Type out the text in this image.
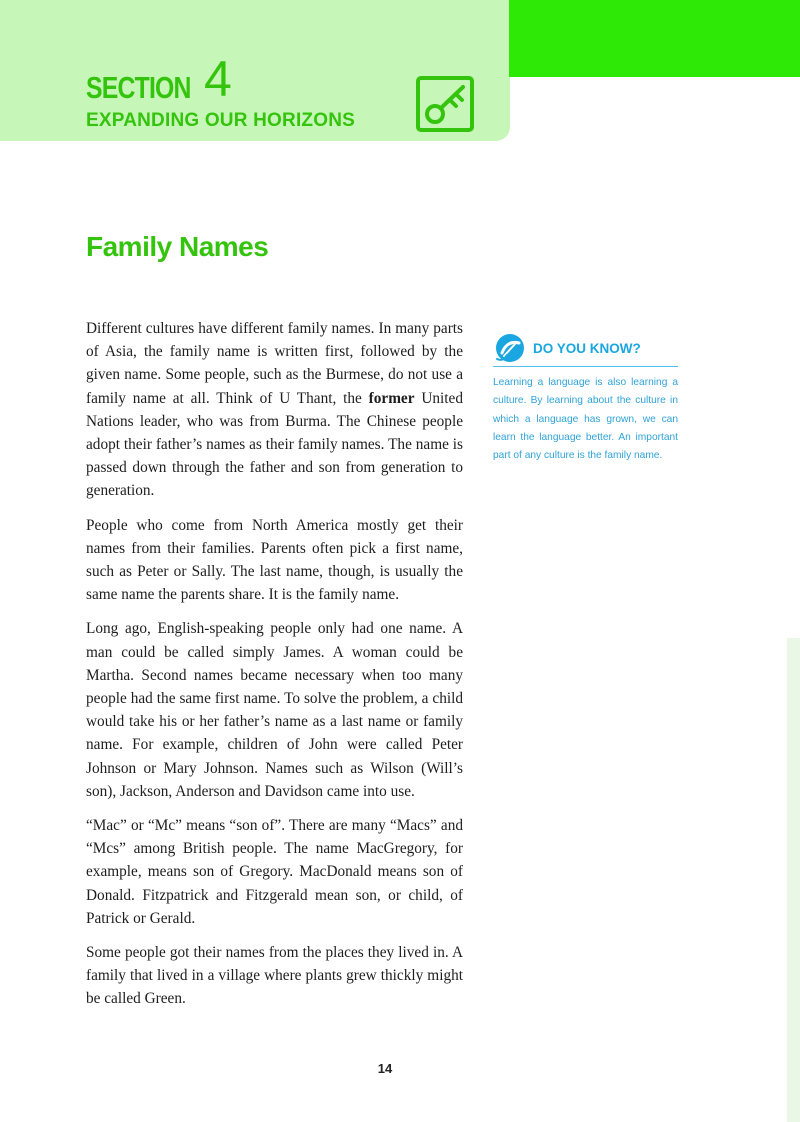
SECTION 4
EXPANDING OUR HORIZONS
Family Names

Different cultures have different family names. In many parts of Asia, the family name is written first, followed by the given name. Some people, such as the Burmese, do not use a family name at all. Think of U Thant, the former United Nations leader, who was from Burma. The Chinese people adopt their father’s names as their family names. The name is passed down through the father and son from generation to generation.

People who come from North America mostly get their names from their families. Parents often pick a first name, such as Peter or Sally. The last name, though, is usually the same name the parents share. It is the family name.

Long ago, English-speaking people only had one name. A man could be called simply James. A woman could be Martha. Second names became necessary when too many people had the same first name. To solve the problem, a child would take his or her father’s name as a last name or family name. For example, children of John were called Peter Johnson or Mary Johnson. Names such as Wilson (Will’s son), Jackson, Anderson and Davidson came into use.

“Mac” or “Mc” means “son of”. There are many “Macs” and “Mcs” among British people. The name MacGregory, for example, means son of Gregory. MacDonald means son of Donald. Fitzpatrick and Fitzgerald mean son, or child, of Patrick or Gerald.

Some people got their names from the places they lived in. A family that lived in a village where plants grew thickly might be called Green.

DO YOU KNOW?
Learning a language is also learning a culture. By learning about the culture in which a language has grown, we can learn the language better. An important part of any culture is the family name.
14
